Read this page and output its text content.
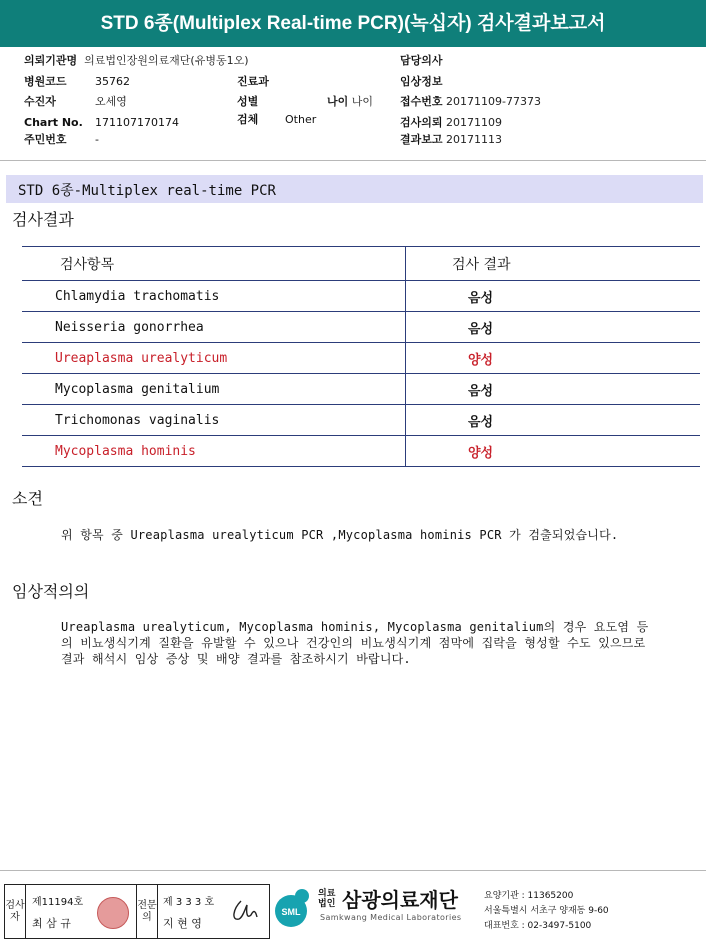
STD 6종(Multiplex Real-time PCR)(녹십자) 검사결과보고서
의뢰기관명 의료법인장원의료재단(유병동1오)	담당의사
병원코드	35762	진료과	임상정보
수진자	오세영	성별	나이 나이 접수번호 20171109-77373
Chart No. 171107170174	검체 Other	검사의뢰 20171109
주민번호	-	결과보고 20171113
STD 6종-Multiplex real-time PCR
검사결과
검사항목	검사 결과
Chlamydia trachomatis	음성
Neisseria gonorrhea	음성
Ureaplasma urealyticum	양성
Mycoplasma genitalium	음성
Trichomonas vaginalis	음성
Mycoplasma hominis	양성
소견
위 항목 중 Ureaplasma urealyticum PCR ,Mycoplasma hominis PCR 가 검출되었습니다.
임상적의의
Ureaplasma urealyticum, Mycoplasma hominis, Mycoplasma genitalium의 경우 요도염 등의 비뇨생식기계 질환을 유발할 수 있으나 건강인의 비뇨생식기계 점막에 집락을 형성할 수도 있으므로 결과 해석시 임상 증상 및 배양 결과를 참조하시기 바랍니다.
검사자
제11194호
최 삼 규
전문의
제 3 3 3 호
지 현 영
SML
의료
법인 삼광의료재단
Samkwang Medical Laboratories
요양기관 : 11365200
서울특별시 서초구 양재동 9-60
대표번호 : 02-3497-5100
